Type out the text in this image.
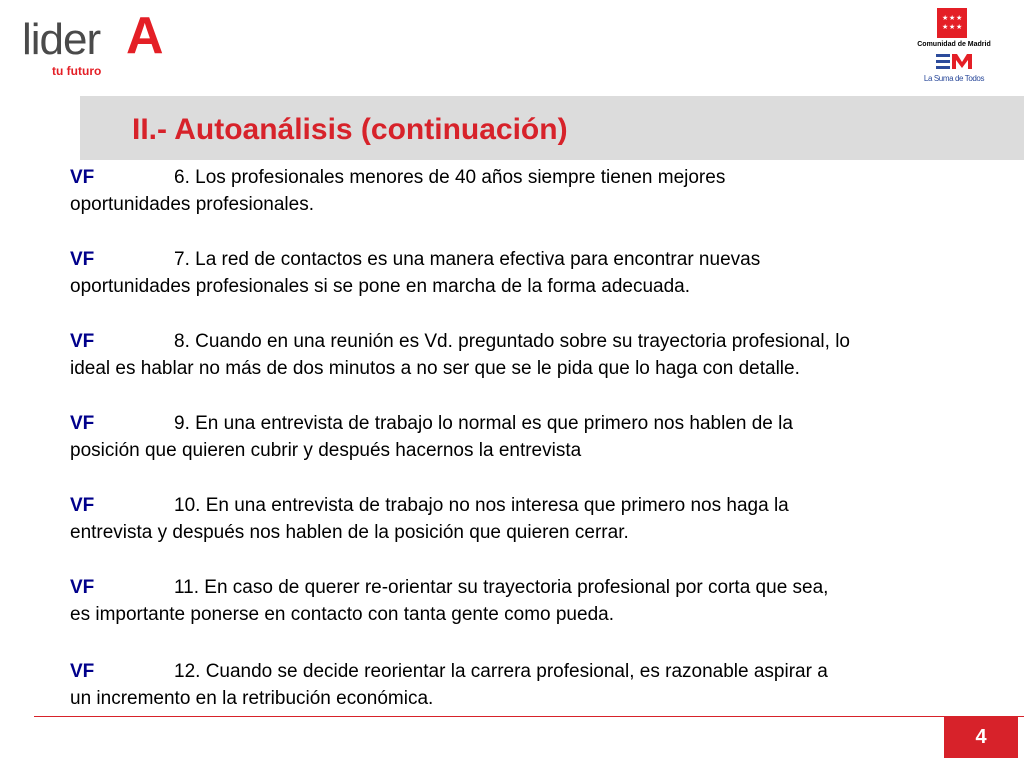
lider A
tu futuro
★ ★ ★
★ ★ ★
Comunidad de Madrid
La Suma de Todos
II.- Autoanálisis (continuación)
VF	6. Los profesionales menores de 40 años siempre tienen mejores
oportunidades profesionales.
VF	7. La red de contactos es una manera efectiva para encontrar nuevas
oportunidades profesionales si se pone en marcha de la forma adecuada.
VF	8. Cuando en una reunión es Vd. preguntado sobre su trayectoria profesional, lo
ideal es hablar no más de dos minutos a no ser que se le pida que lo haga con detalle.
VF	9. En una entrevista de trabajo lo normal es que primero nos hablen de la
posición que quieren cubrir y después hacernos la entrevista
VF	10. En una entrevista de trabajo no nos interesa que primero nos haga la
entrevista y después nos hablen de la posición que quieren cerrar.
VF	11. En caso de querer re-orientar su trayectoria profesional por corta que sea,
es importante ponerse en contacto con tanta gente como pueda.
VF	12. Cuando se decide reorientar la carrera profesional, es razonable aspirar a
un incremento en la retribución económica.
4
